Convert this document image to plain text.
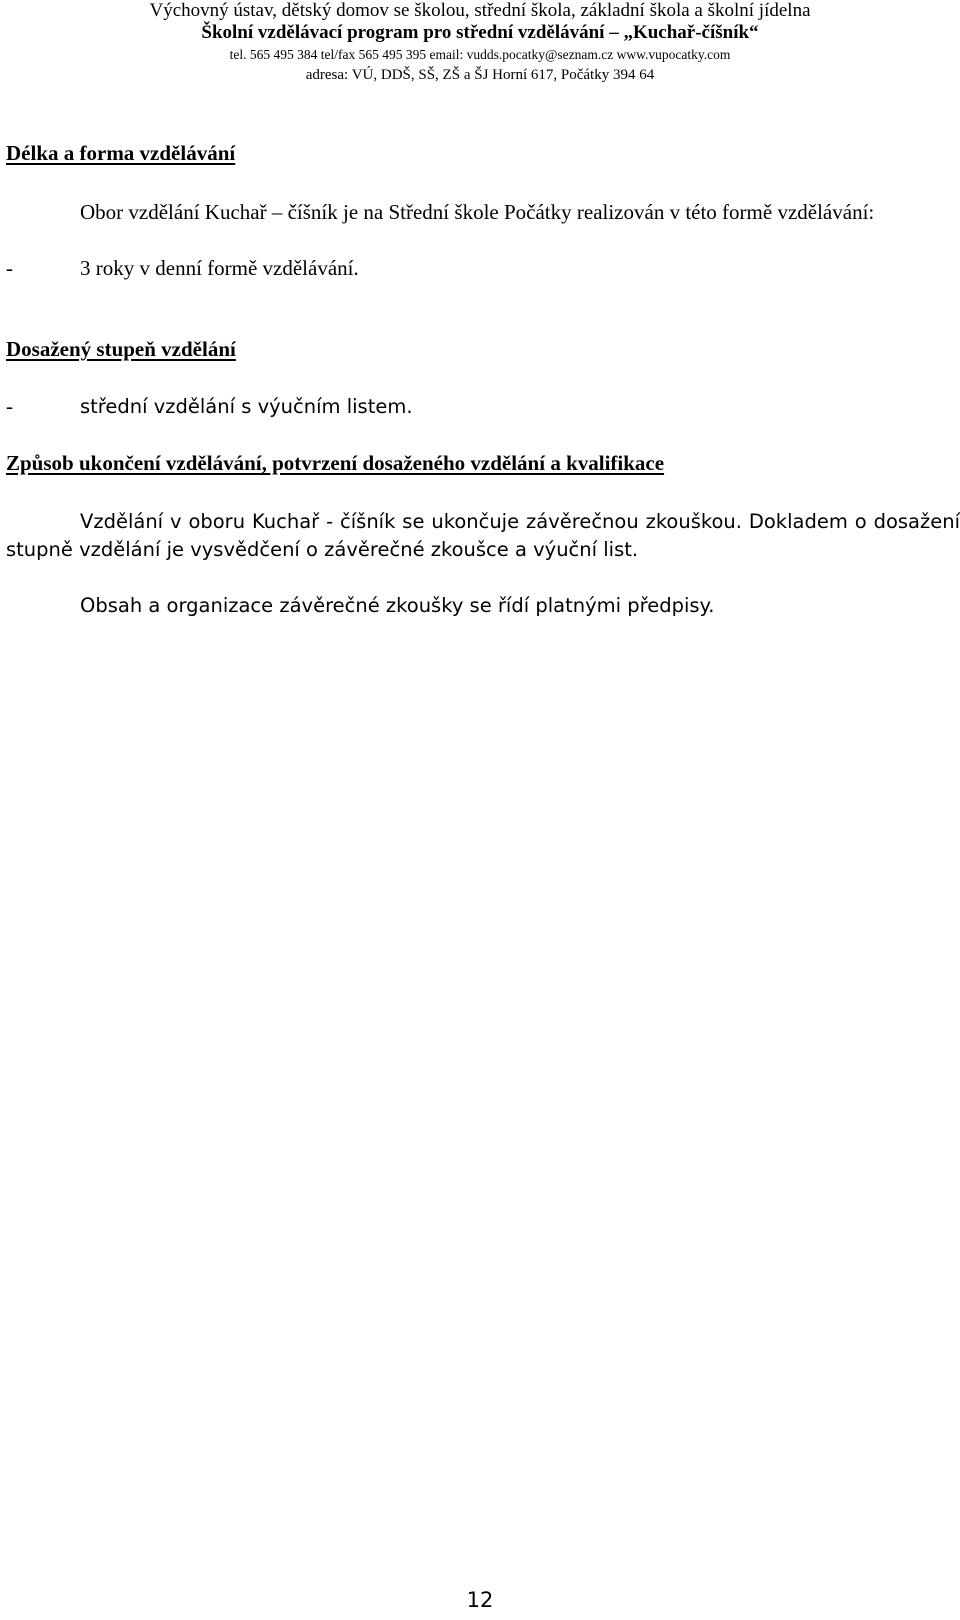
Výchovný ústav, dětský domov se školou, střední škola, základní škola a školní jídelna
Školní vzdělávací program pro střední vzdělávání – „Kuchař-číšník“
tel. 565 495 384 tel/fax 565 495 395 email: vudds.pocatky@seznam.cz www.vupocatky.com
adresa: VÚ, DDŠ, SŠ, ZŠ a ŠJ Horní 617, Počátky 394 64
Délka a forma vzdělávání
Obor vzdělání Kuchař – číšník je na Střední škole Počátky realizován v této formě vzdělávání:
-	3 roky v denní formě vzdělávání.
Dosažený stupeň vzdělání
-	střední vzdělání s výučním listem.
Způsob ukončení vzdělávání, potvrzení dosaženého vzdělání a kvalifikace
Vzdělání v oboru Kuchař - číšník se ukončuje závěrečnou zkouškou. Dokladem o dosažení stupně vzdělání je vysvědčení o závěrečné zkoušce a výuční list.
Obsah a organizace závěrečné zkoušky se řídí platnými předpisy.
12
